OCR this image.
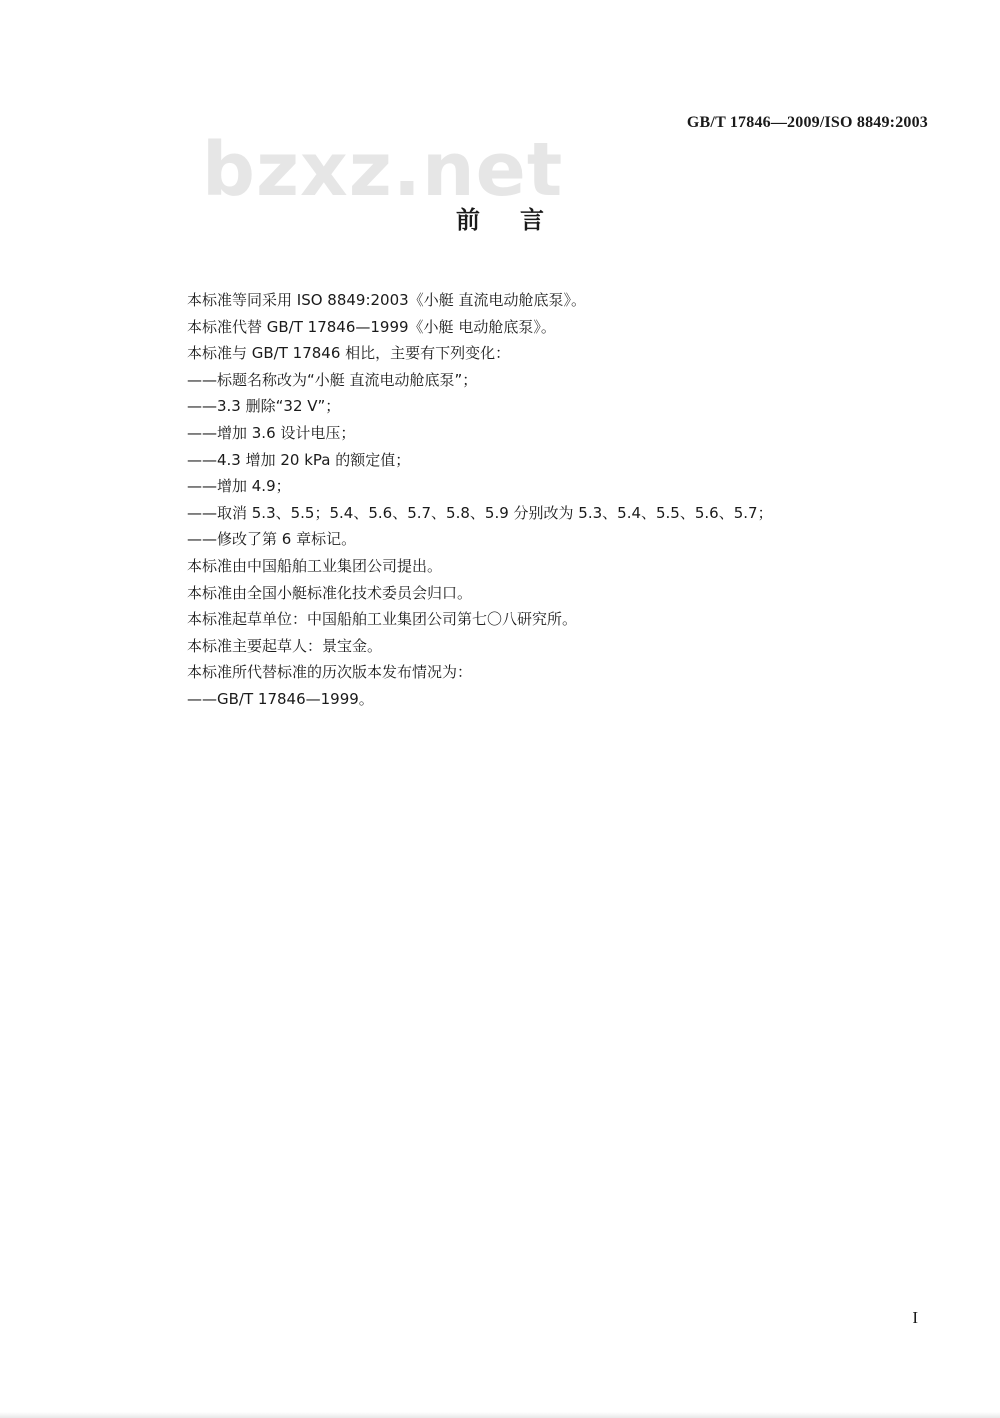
GB/T 17846—2009/ISO 8849:2003
bzxz.net
前 言
本标准等同采用 ISO 8849:2003《小艇 直流电动舱底泵》。
本标准代替 GB/T 17846—1999《小艇 电动舱底泵》。
本标准与 GB/T 17846 相比，主要有下列变化：
——标题名称改为“小艇 直流电动舱底泵”；
——3.3 删除“32 V”；
——增加 3.6 设计电压；
——4.3 增加 20 kPa 的额定值；
——增加 4.9；
——取消 5.3、5.5；5.4、5.6、5.7、5.8、5.9 分别改为 5.3、5.4、5.5、5.6、5.7；
——修改了第 6 章标记。
本标准由中国船舶工业集团公司提出。
本标准由全国小艇标准化技术委员会归口。
本标准起草单位：中国船舶工业集团公司第七〇八研究所。
本标准主要起草人：景宝金。
本标准所代替标准的历次版本发布情况为：
——GB/T 17846—1999。
I
